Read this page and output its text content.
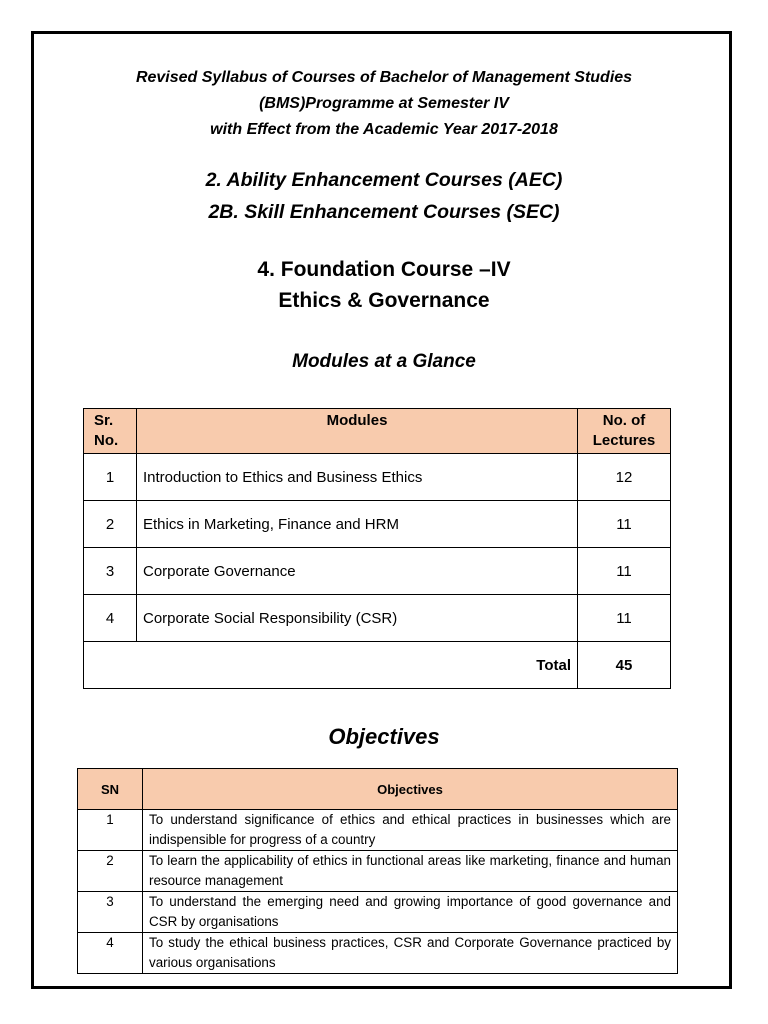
Revised Syllabus of Courses of Bachelor of Management Studies
(BMS)Programme at Semester IV
with Effect from the Academic Year 2017-2018
2. Ability Enhancement Courses (AEC)
2B. Skill Enhancement Courses (SEC)
4. Foundation Course –IV
Ethics & Governance
Modules at a Glance
Sr. No.	Modules	No. of Lectures
1	Introduction to Ethics and Business Ethics	12
2	Ethics in Marketing, Finance and HRM	11
3	Corporate Governance	11
4	Corporate Social Responsibility (CSR)	11
Total		45
Objectives
SN	Objectives
1	To understand significance of ethics and ethical practices in businesses which are indispensible for progress of a country
2	To learn the applicability of ethics in functional areas like marketing, finance and human resource management
3	To understand the emerging need and growing importance of good governance and CSR by organisations
4	To study the ethical business practices, CSR and Corporate Governance practiced by various organisations
